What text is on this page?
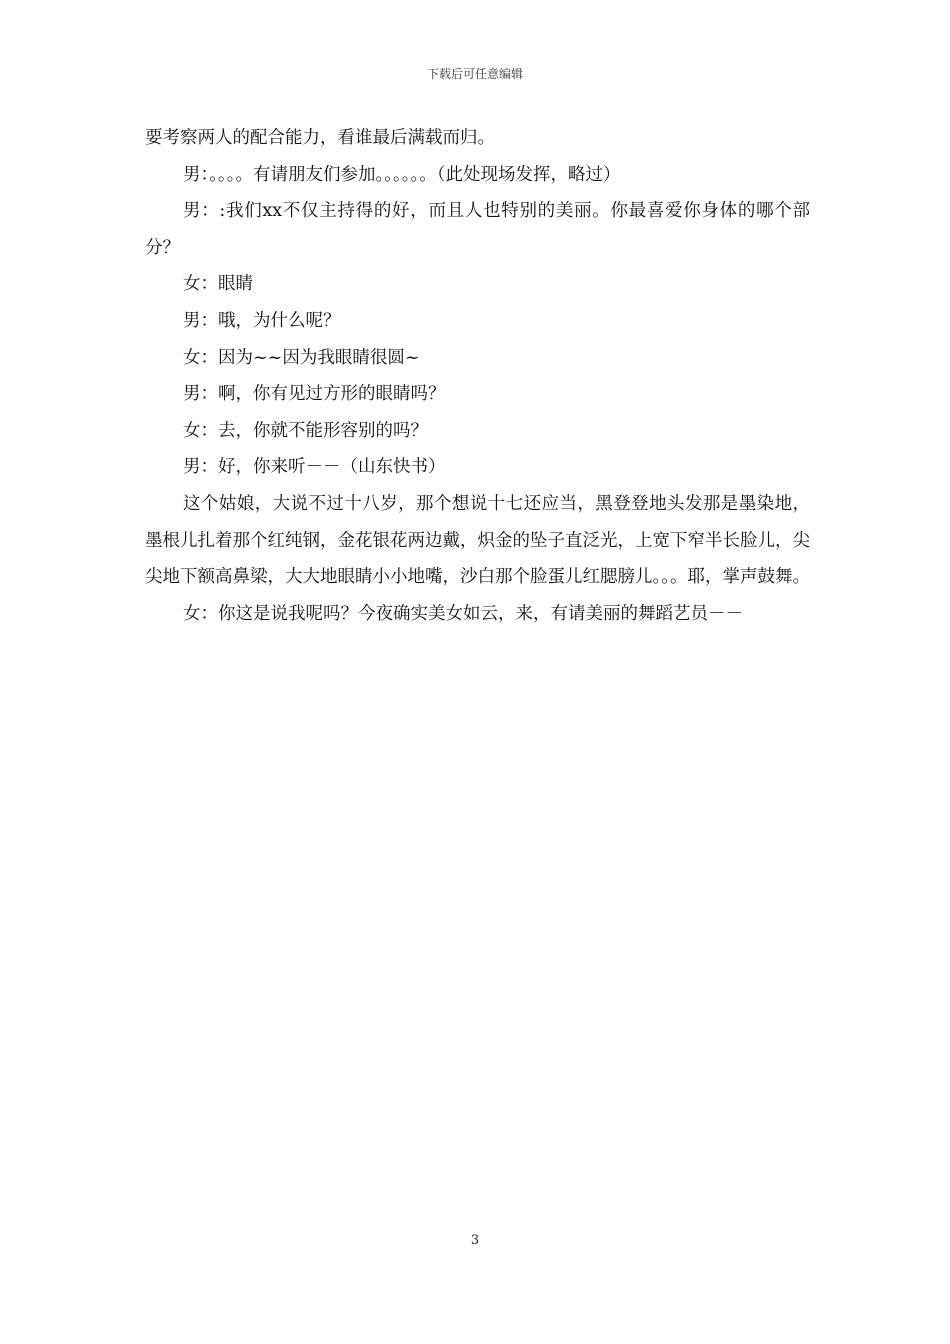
下载后可任意编辑

要考察两人的配合能力，看谁最后满载而归。

男：。。。。有请朋友们参加。。。。。。（此处现场发挥，略过）

男：:我们xx不仅主持得的好，而且人也特别的美丽。你最喜爱你身体的哪个部分？

女：眼睛

男：哦，为什么呢？

女：因为~~因为我眼睛很圆~

男：啊，你有见过方形的眼睛吗？

女：去，你就不能形容别的吗？

男：好，你来听－－（山东快书）

这个姑娘，大说不过十八岁，那个想说十七还应当，黑登登地头发那是墨染地，墨根儿扎着那个红纯钢，金花银花两边戴，炽金的坠子直泛光，上宽下窄半长脸儿，尖尖地下额高鼻梁，大大地眼睛小小地嘴，沙白那个脸蛋儿红腮膀儿。。。耶，掌声鼓舞。

女：你这是说我呢吗？今夜确实美女如云，来，有请美丽的舞蹈艺员－－

3
